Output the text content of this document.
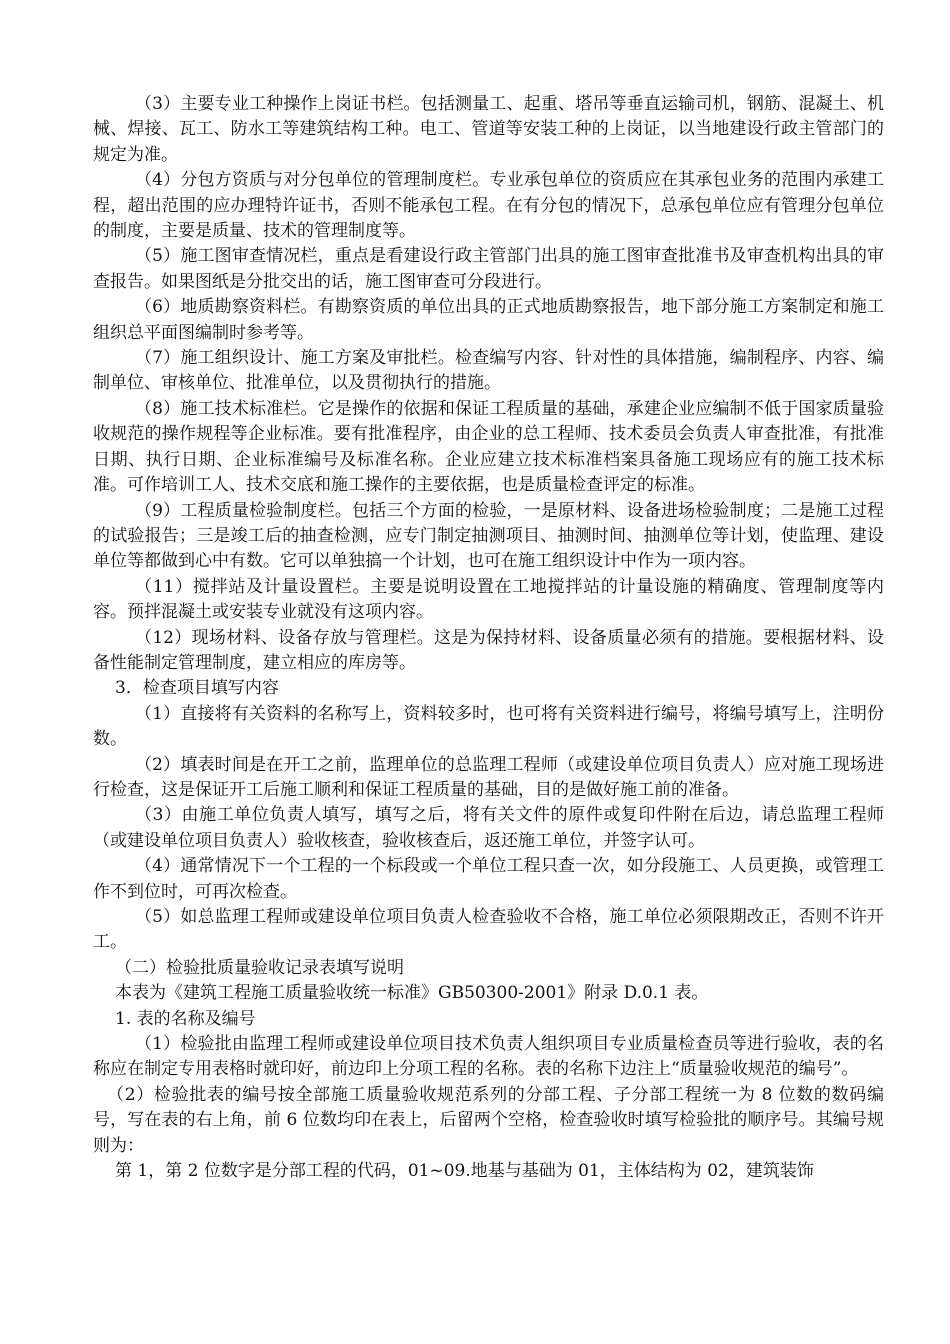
（3）主要专业工种操作上岗证书栏。包括测量工、起重、塔吊等垂直运输司机，钢筋、混凝土、机械、焊接、瓦工、防水工等建筑结构工种。电工、管道等安装工种的上岗证，以当地建设行政主管部门的规定为准。

（4）分包方资质与对分包单位的管理制度栏。专业承包单位的资质应在其承包业务的范围内承建工程，超出范围的应办理特许证书，否则不能承包工程。在有分包的情况下，总承包单位应有管理分包单位的制度，主要是质量、技术的管理制度等。

（5）施工图审查情况栏，重点是看建设行政主管部门出具的施工图审查批准书及审查机构出具的审查报告。如果图纸是分批交出的话，施工图审查可分段进行。

（6）地质勘察资料栏。有勘察资质的单位出具的正式地质勘察报告，地下部分施工方案制定和施工组织总平面图编制时参考等。

（7）施工组织设计、施工方案及审批栏。检查编写内容、针对性的具体措施，编制程序、内容、编制单位、审核单位、批准单位，以及贯彻执行的措施。

（8）施工技术标准栏。它是操作的依据和保证工程质量的基础，承建企业应编制不低于国家质量验收规范的操作规程等企业标准。要有批准程序，由企业的总工程师、技术委员会负责人审查批准，有批准日期、执行日期、企业标准编号及标准名称。企业应建立技术标准档案具备施工现场应有的施工技术标准。可作培训工人、技术交底和施工操作的主要依据，也是质量检查评定的标准。

（9）工程质量检验制度栏。包括三个方面的检验，一是原材料、设备进场检验制度；二是施工过程的试验报告；三是竣工后的抽查检测，应专门制定抽测项目、抽测时间、抽测单位等计划，使监理、建设单位等都做到心中有数。它可以单独搞一个计划，也可在施工组织设计中作为一项内容。

（11）搅拌站及计量设置栏。主要是说明设置在工地搅拌站的计量设施的精确度、管理制度等内容。预拌混凝土或安装专业就没有这项内容。

（12）现场材料、设备存放与管理栏。这是为保持材料、设备质量必须有的措施。要根据材料、设备性能制定管理制度，建立相应的库房等。

3．检查项目填写内容

（1）直接将有关资料的名称写上，资料较多时，也可将有关资料进行编号，将编号填写上，注明份数。

（2）填表时间是在开工之前，监理单位的总监理工程师（或建设单位项目负责人）应对施工现场进行检查，这是保证开工后施工顺利和保证工程质量的基础，目的是做好施工前的准备。

（3）由施工单位负责人填写，填写之后，将有关文件的原件或复印件附在后边，请总监理工程师（或建设单位项目负责人）验收核查，验收核查后，返还施工单位，并签字认可。

（4）通常情况下一个工程的一个标段或一个单位工程只查一次，如分段施工、人员更换，或管理工作不到位时，可再次检查。

（5）如总监理工程师或建设单位项目负责人检查验收不合格，施工单位必须限期改正，否则不许开工。

（二）检验批质量验收记录表填写说明

本表为《建筑工程施工质量验收统一标准》GB50300-2001》附录 D.0.1 表。

1. 表的名称及编号

（1）检验批由监理工程师或建设单位项目技术负责人组织项目专业质量检查员等进行验收，表的名称应在制定专用表格时就印好，前边印上分项工程的名称。表的名称下边注上“质量验收规范的编号”。

（2）检验批表的编号按全部施工质量验收规范系列的分部工程、子分部工程统一为 8 位数的数码编号，写在表的右上角，前 6 位数均印在表上，后留两个空格，检查验收时填写检验批的顺序号。其编号规则为：

第 1，第 2 位数字是分部工程的代码，01~09.地基与基础为 01，主体结构为 02，建筑装饰
